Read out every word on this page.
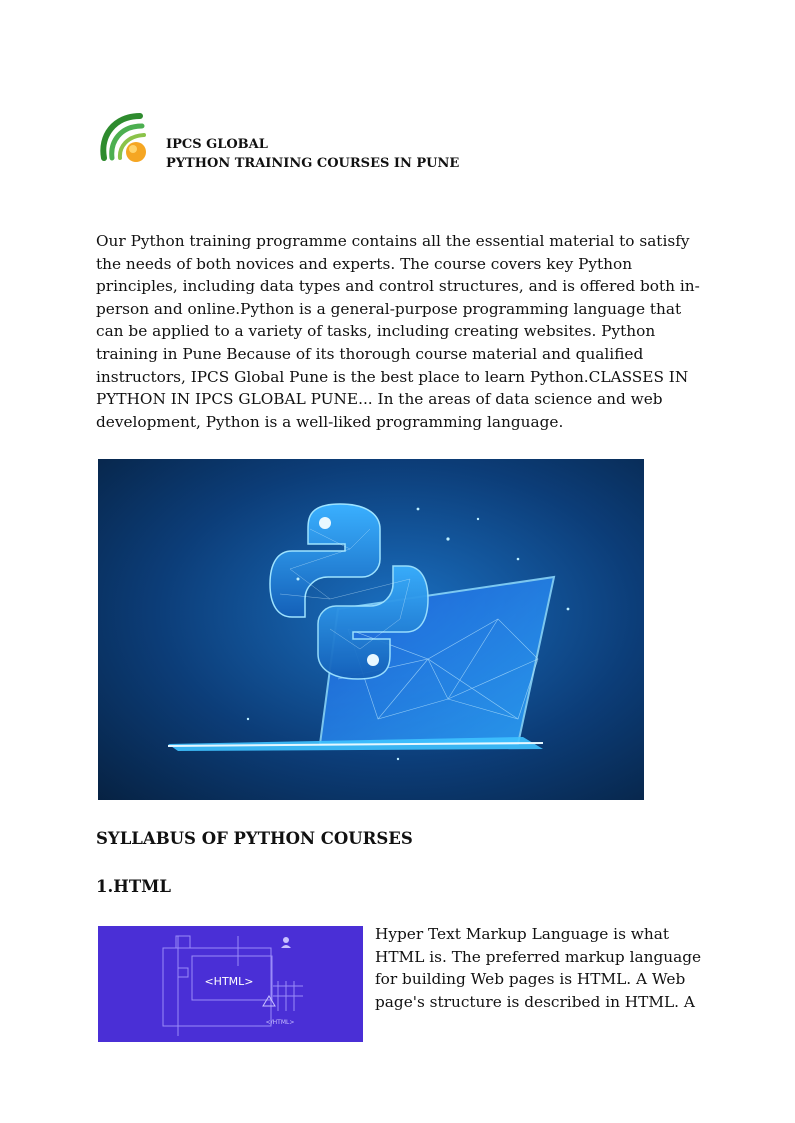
IPCS GLOBAL
PYTHON TRAINING COURSES IN PUNE

Our Python training programme contains all the essential material to satisfy the needs of both novices and experts. The course covers key Python principles, including data types and control structures, and is offered both in-person and online.Python is a general-purpose programming language that can be applied to a variety of tasks, including creating websites. Python training in Pune Because of its thorough course material and qualified instructors, IPCS Global Pune is the best place to learn Python.CLASSES IN PYTHON IN IPCS GLOBAL PUNE... In the areas of data science and web development, Python is a well-liked programming language.

SYLLABUS OF PYTHON COURSES
1.HTML
<HTML>
</HTML>

Hyper Text Markup Language is what HTML is. The preferred markup language for building Web pages is HTML. A Web page's structure is described in HTML. A
